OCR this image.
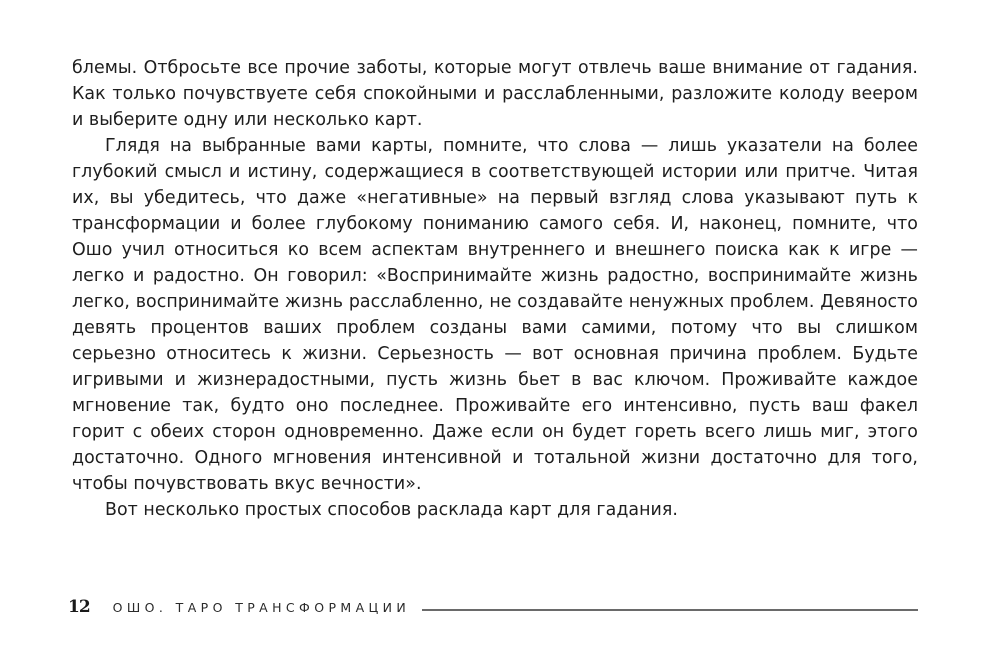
блемы. Отбросьте все прочие заботы, которые могут отвлечь ваше внимание от гадания. Как только почувствуете себя спокойными и расслабленными, разложите колоду веером и выберите одну или несколько карт.

Глядя на выбранные вами карты, помните, что слова — лишь указатели на более глубокий смысл и истину, содержащиеся в соответствующей истории или притче. Читая их, вы убедитесь, что даже «негативные» на первый взгляд слова указывают путь к трансформации и более глубокому пониманию самого себя. И, наконец, помните, что Ошо учил относиться ко всем аспектам внутреннего и внешнего поиска как к игре — легко и радостно. Он говорил: «Воспринимайте жизнь радостно, воспринимайте жизнь легко, воспринимайте жизнь расслабленно, не создавайте ненужных проблем. Девяносто девять процентов ваших проблем созданы вами самими, потому что вы слишком серьезно относитесь к жизни. Серьезность — вот основная причина проблем. Будьте игривыми и жизнерадостными, пусть жизнь бьет в вас ключом. Проживайте каждое мгновение так, будто оно последнее. Проживайте его интенсивно, пусть ваш факел горит с обеих сторон одновременно. Даже если он будет гореть всего лишь миг, этого достаточно. Одного мгновения интенсивной и тотальной жизни достаточно для того, чтобы почувствовать вкус вечности».

Вот несколько простых способов расклада карт для гадания.

12 ОШО. ТАРО ТРАНСФОРМАЦИИ
